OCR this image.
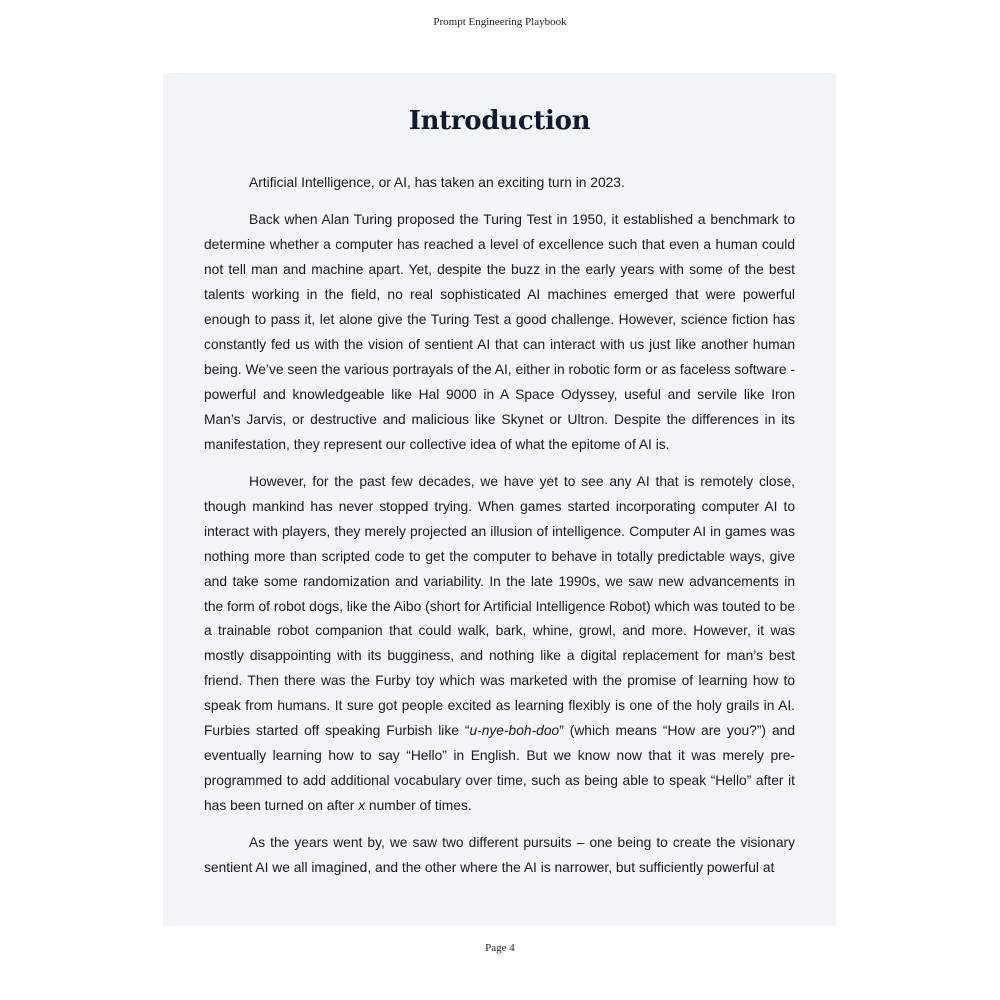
Prompt Engineering Playbook
Introduction

Artificial Intelligence, or AI, has taken an exciting turn in 2023.

Back when Alan Turing proposed the Turing Test in 1950, it established a benchmark to determine whether a computer has reached a level of excellence such that even a human could not tell man and machine apart. Yet, despite the buzz in the early years with some of the best talents working in the field, no real sophisticated AI machines emerged that were powerful enough to pass it, let alone give the Turing Test a good challenge. However, science fiction has constantly fed us with the vision of sentient AI that can interact with us just like another human being. We’ve seen the various portrayals of the AI, either in robotic form or as faceless software - powerful and knowledgeable like Hal 9000 in A Space Odyssey, useful and servile like Iron Man’s Jarvis, or destructive and malicious like Skynet or Ultron. Despite the differences in its manifestation, they represent our collective idea of what the epitome of AI is.

However, for the past few decades, we have yet to see any AI that is remotely close, though mankind has never stopped trying. When games started incorporating computer AI to interact with players, they merely projected an illusion of intelligence. Computer AI in games was nothing more than scripted code to get the computer to behave in totally predictable ways, give and take some randomization and variability. In the late 1990s, we saw new advancements in the form of robot dogs, like the Aibo (short for Artificial Intelligence Robot) which was touted to be a trainable robot companion that could walk, bark, whine, growl, and more. However, it was mostly disappointing with its bugginess, and nothing like a digital replacement for man’s best friend. Then there was the Furby toy which was marketed with the promise of learning how to speak from humans. It sure got people excited as learning flexibly is one of the holy grails in AI. Furbies started off speaking Furbish like “u-nye-boh-doo” (which means “How are you?”) and eventually learning how to say “Hello” in English. But we know now that it was merely pre-programmed to add additional vocabulary over time, such as being able to speak “Hello” after it has been turned on after x number of times.

As the years went by, we saw two different pursuits – one being to create the visionary sentient AI we all imagined, and the other where the AI is narrower, but sufficiently powerful at

Page 4
